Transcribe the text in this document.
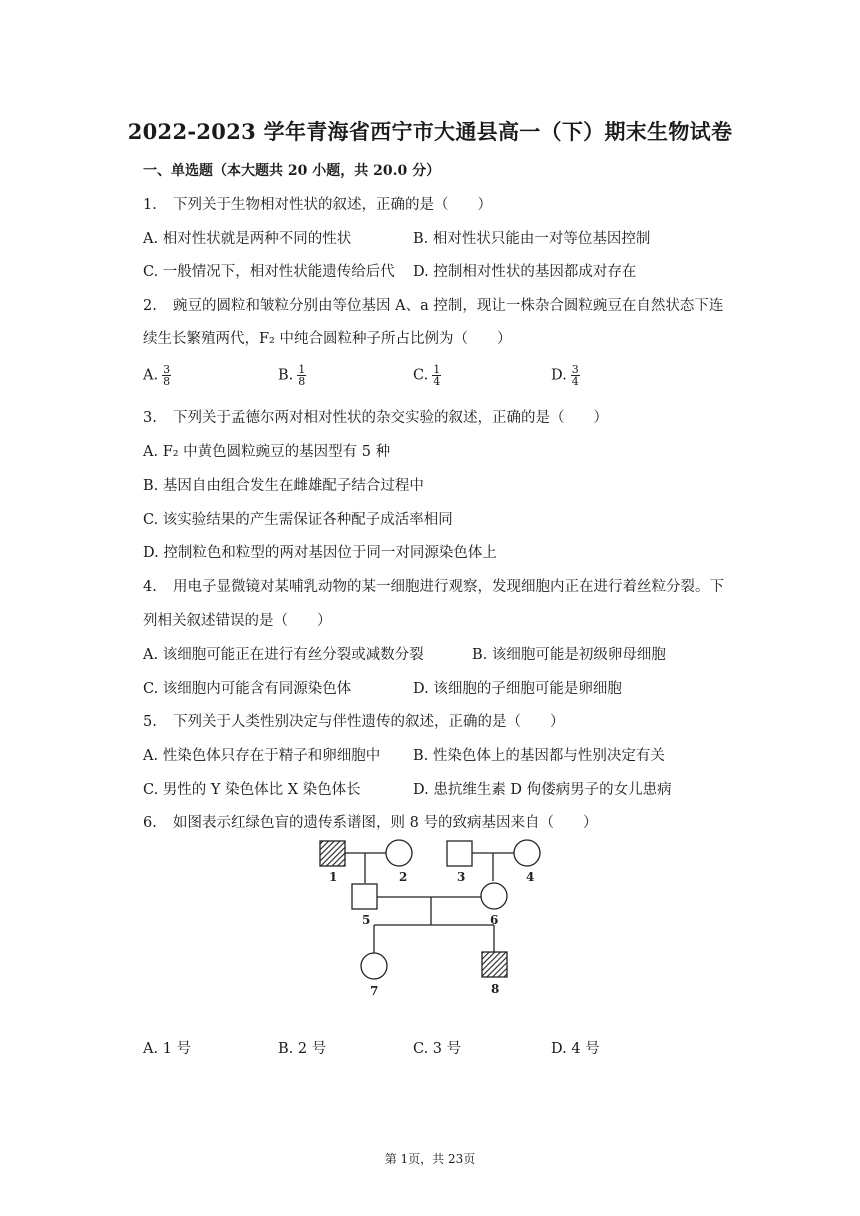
2022-2023 学年青海省西宁市大通县高一（下）期末生物试卷
一、单选题（本大题共 20 小题，共 20.0 分）
1. 下列关于生物相对性状的叙述，正确的是（　　）
A. 相对性状就是两种不同的性状	B. 相对性状只能由一对等位基因控制
C. 一般情况下，相对性状能遗传给后代 D. 控制相对性状的基因都成对存在
2. 豌豆的圆粒和皱粒分别由等位基因 A、a 控制，现让一株杂合圆粒豌豆在自然状态下连
续生长繁殖两代，F₂ 中纯合圆粒种子所占比例为（　　）
A. $\frac{3}{8}$	B. $\frac{1}{8}$	C. $\frac{1}{4}$	D. $\frac{3}{4}$
3. 下列关于孟德尔两对相对性状的杂交实验的叙述，正确的是（　　）
A. F₂ 中黄色圆粒豌豆的基因型有 5 种
B. 基因自由组合发生在雌雄配子结合过程中
C. 该实验结果的产生需保证各种配子成活率相同
D. 控制粒色和粒型的两对基因位于同一对同源染色体上
4. 用电子显微镜对某哺乳动物的某一细胞进行观察，发现细胞内正在进行着丝粒分裂。下
列相关叙述错误的是（　　）
A. 该细胞可能正在进行有丝分裂或减数分裂	B. 该细胞可能是初级卵母细胞
C. 该细胞内可能含有同源染色体	D. 该细胞的子细胞可能是卵细胞
5. 下列关于人类性别决定与伴性遗传的叙述，正确的是（　　）
A. 性染色体只存在于精子和卵细胞中 B. 性染色体上的基因都与性别决定有关
C. 男性的 Y 染色体比 X 染色体长	D. 患抗维生素 D 佝偻病男子的女儿患病
6. 如图表示红绿色盲的遗传系谱图，则 8 号的致病基因来自（　　）
1	2	3	4
5	6
7	8
A. 1 号	B. 2 号	C. 3 号	D. 4 号
第 1页，共 23页
